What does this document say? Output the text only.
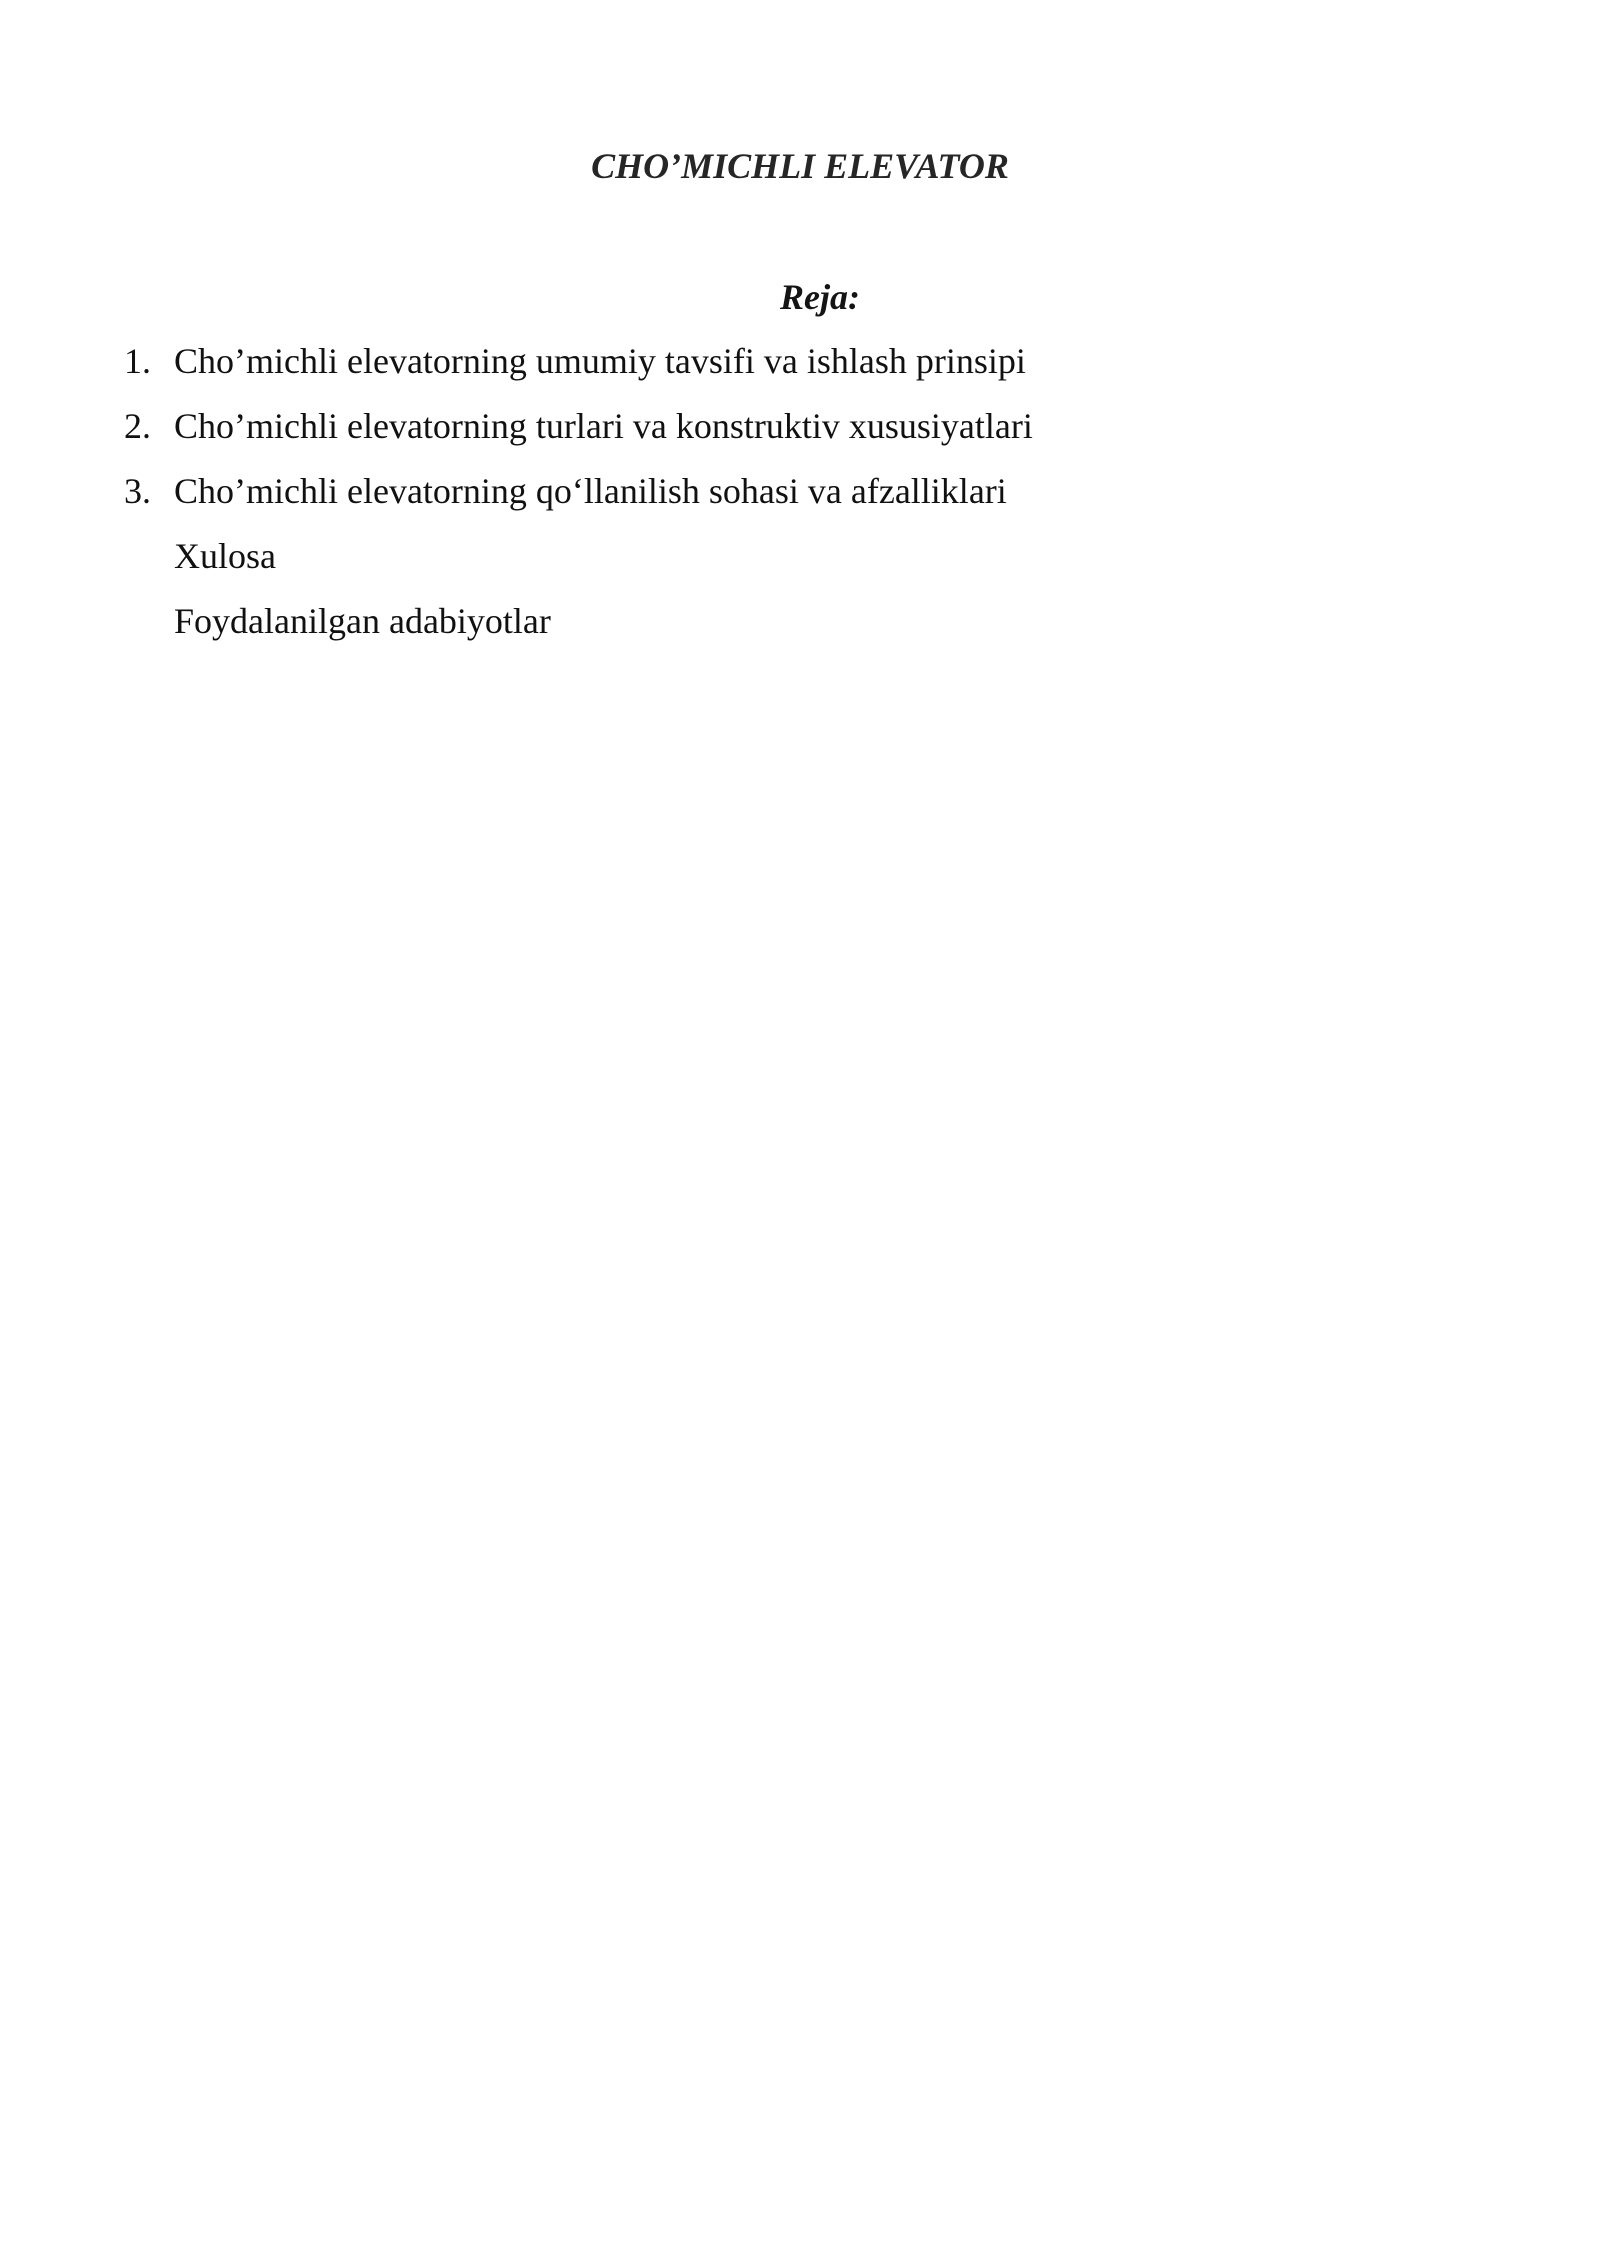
CHO’MICHLI ELEVATOR
Reja:
1. Cho’michli elevatorning umumiy tavsifi va ishlash prinsipi
2. Cho’michli elevatorning turlari va konstruktiv xususiyatlari
3. Cho’michli elevatorning qo‘llanilish sohasi va afzalliklari
Xulosa
Foydalanilgan adabiyotlar
